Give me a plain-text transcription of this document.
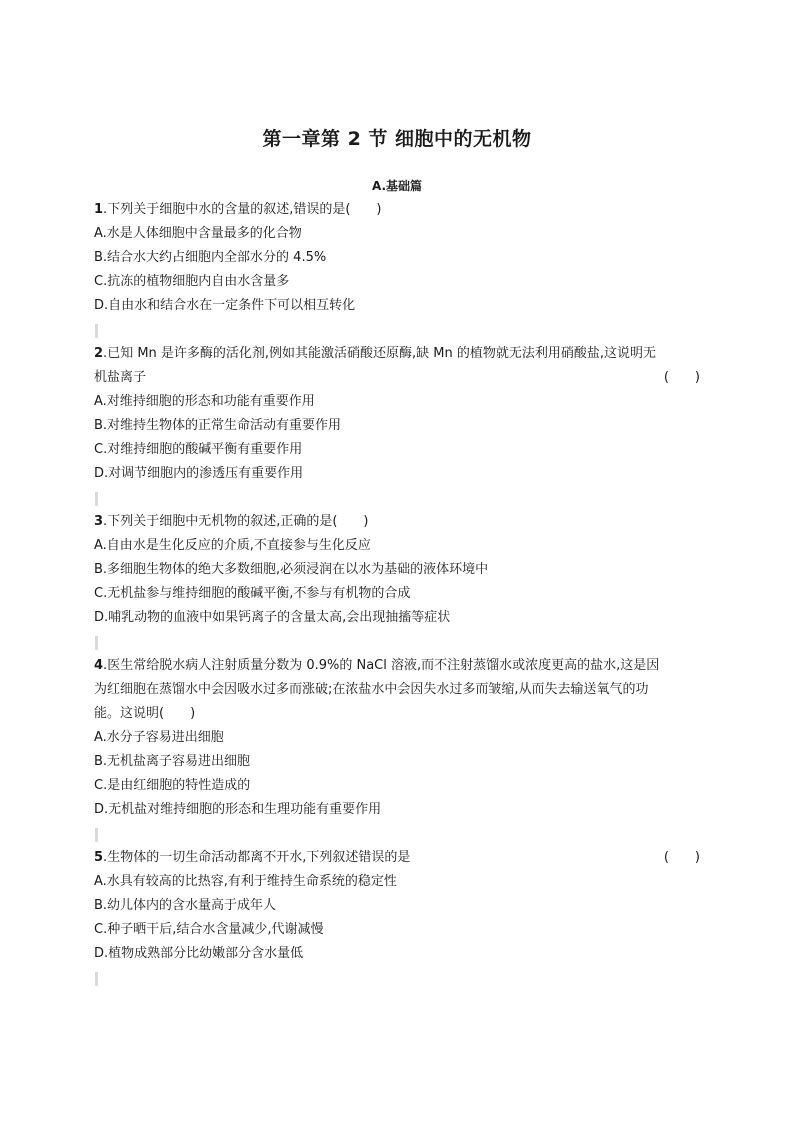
第一章第 2 节 细胞中的无机物
A.基础篇
1.下列关于细胞中水的含量的叙述,错误的是(　　)
A.水是人体细胞中含量最多的化合物
B.结合水大约占细胞内全部水分的 4.5%
C.抗冻的植物细胞内自由水含量多
D.自由水和结合水在一定条件下可以相互转化
2.已知 Mn 是许多酶的活化剂,例如其能激活硝酸还原酶,缺 Mn 的植物就无法利用硝酸盐,这说明无
机盐离子	(　　)
A.对维持细胞的形态和功能有重要作用
B.对维持生物体的正常生命活动有重要作用
C.对维持细胞的酸碱平衡有重要作用
D.对调节细胞内的渗透压有重要作用
3.下列关于细胞中无机物的叙述,正确的是(　　)
A.自由水是生化反应的介质,不直接参与生化反应
B.多细胞生物体的绝大多数细胞,必须浸润在以水为基础的液体环境中
C.无机盐参与维持细胞的酸碱平衡,不参与有机物的合成
D.哺乳动物的血液中如果钙离子的含量太高,会出现抽搐等症状
4.医生常给脱水病人注射质量分数为 0.9%的 NaCl 溶液,而不注射蒸馏水或浓度更高的盐水,这是因
为红细胞在蒸馏水中会因吸水过多而涨破;在浓盐水中会因失水过多而皱缩,从而失去输送氧气的功
能。这说明(　　)
A.水分子容易进出细胞
B.无机盐离子容易进出细胞
C.是由红细胞的特性造成的
D.无机盐对维持细胞的形态和生理功能有重要作用
5.生物体的一切生命活动都离不开水,下列叙述错误的是	(　　)
A.水具有较高的比热容,有利于维持生命系统的稳定性
B.幼儿体内的含水量高于成年人
C.种子晒干后,结合水含量减少,代谢减慢
D.植物成熟部分比幼嫩部分含水量低
